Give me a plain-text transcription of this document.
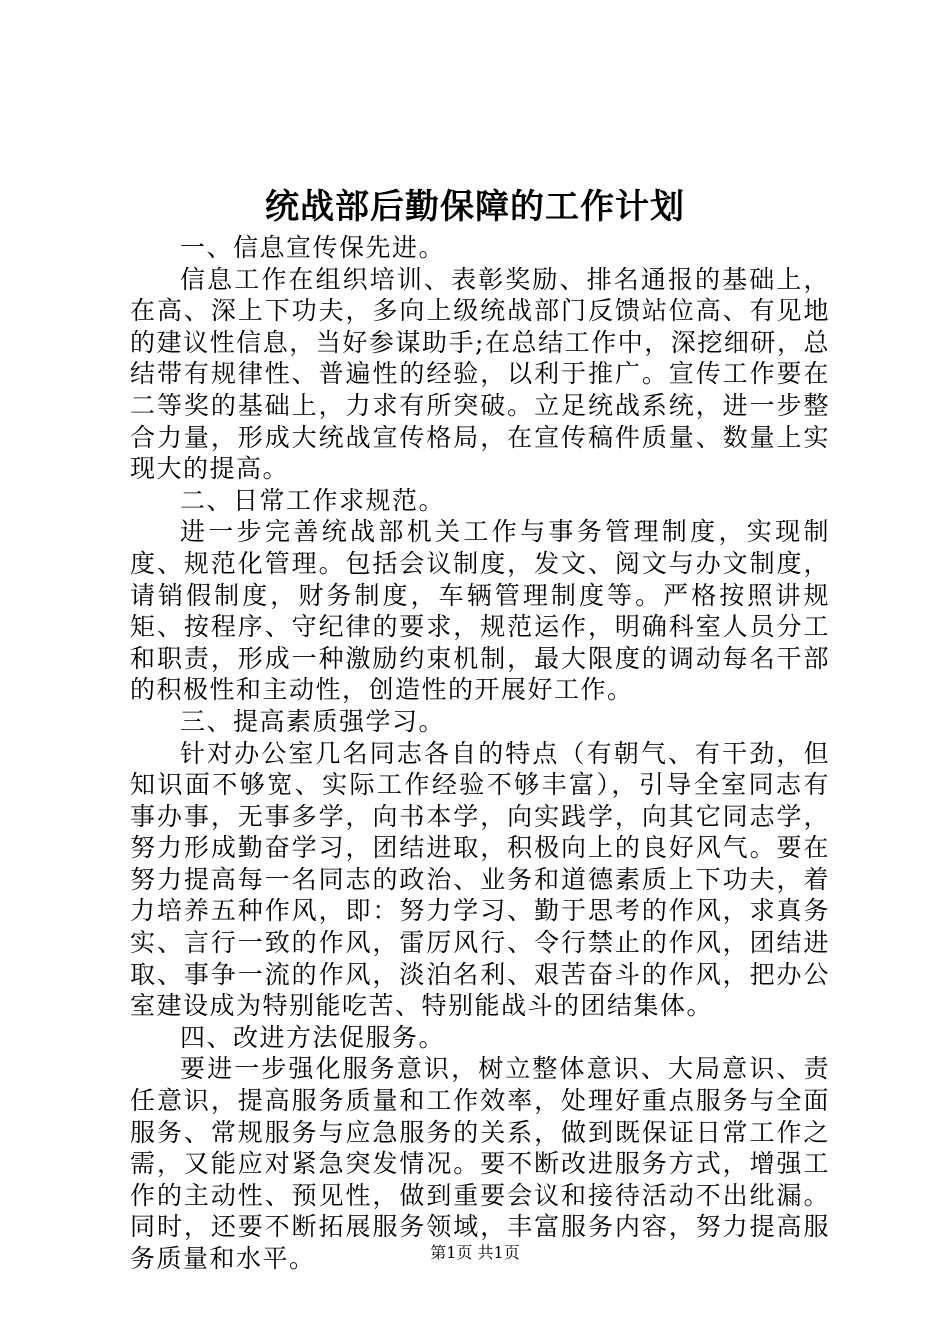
统战部后勤保障的工作计划

一、信息宣传保先进。

信息工作在组织培训、表彰奖励、排名通报的基础上，在高、深上下功夫，多向上级统战部门反馈站位高、有见地的建议性信息，当好参谋助手;在总结工作中，深挖细研，总结带有规律性、普遍性的经验，以利于推广。宣传工作要在二等奖的基础上，力求有所突破。立足统战系统，进一步整合力量，形成大统战宣传格局，在宣传稿件质量、数量上实现大的提高。

二、日常工作求规范。

进一步完善统战部机关工作与事务管理制度，实现制度、规范化管理。包括会议制度，发文、阅文与办文制度，请销假制度，财务制度，车辆管理制度等。严格按照讲规矩、按程序、守纪律的要求，规范运作，明确科室人员分工和职责，形成一种激励约束机制，最大限度的调动每名干部的积极性和主动性，创造性的开展好工作。

三、提高素质强学习。

针对办公室几名同志各自的特点（有朝气、有干劲，但知识面不够宽、实际工作经验不够丰富），引导全室同志有事办事，无事多学，向书本学，向实践学，向其它同志学，努力形成勤奋学习，团结进取，积极向上的良好风气。要在努力提高每一名同志的政治、业务和道德素质上下功夫，着力培养五种作风，即：努力学习、勤于思考的作风，求真务实、言行一致的作风，雷厉风行、令行禁止的作风，团结进取、事争一流的作风，淡泊名利、艰苦奋斗的作风，把办公室建设成为特别能吃苦、特别能战斗的团结集体。

四、改进方法促服务。

要进一步强化服务意识，树立整体意识、大局意识、责任意识，提高服务质量和工作效率，处理好重点服务与全面服务、常规服务与应急服务的关系，做到既保证日常工作之需，又能应对紧急突发情况。要不断改进服务方式，增强工作的主动性、预见性，做到重要会议和接待活动不出纰漏。同时，还要不断拓展服务领域，丰富服务内容，努力提高服务质量和水平。	第1页 共1页
